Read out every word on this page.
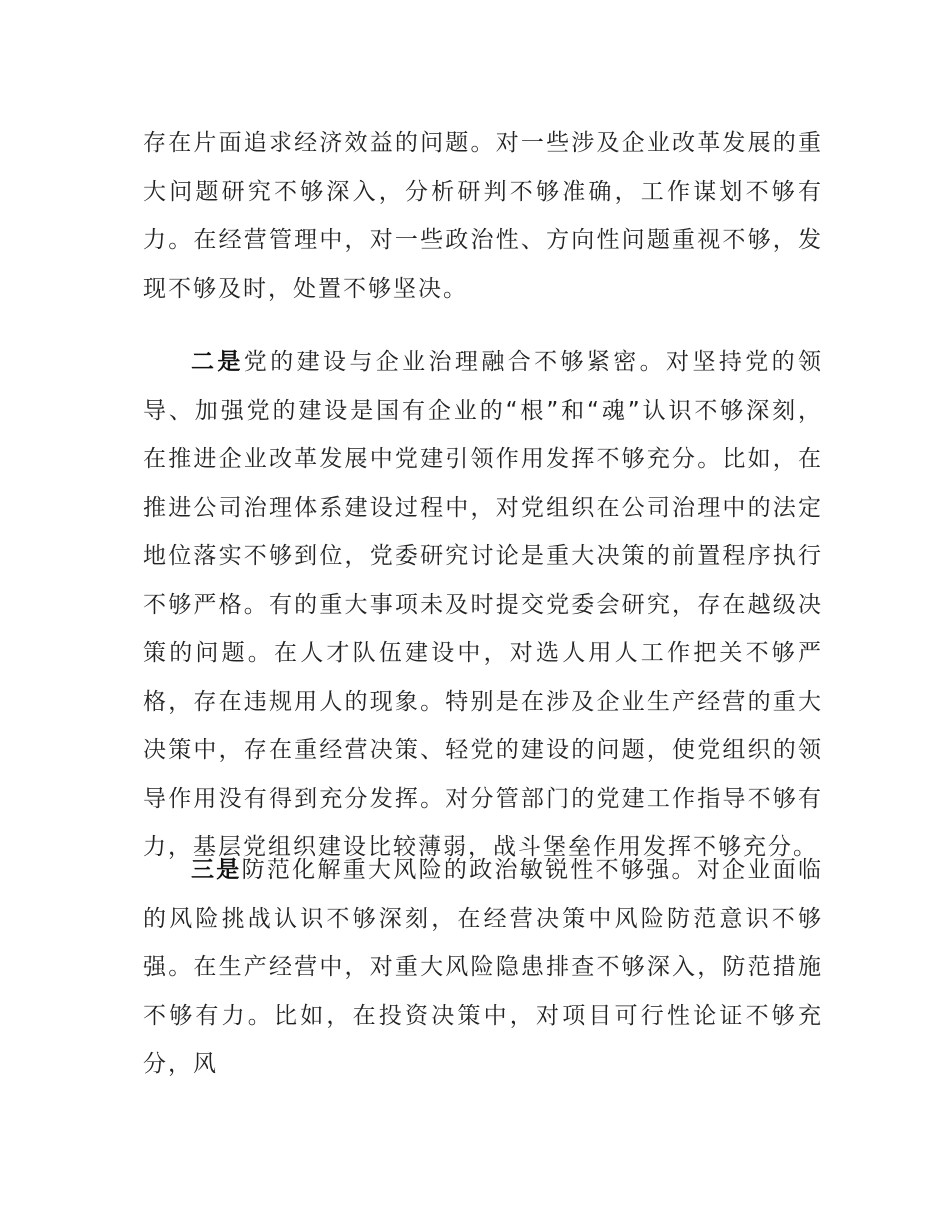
存在片面追求经济效益的问题。对一些涉及企业改革发展的重大问题研究不够深入，分析研判不够准确，工作谋划不够有力。在经营管理中，对一些政治性、方向性问题重视不够，发现不够及时，处置不够坚决。

二是党的建设与企业治理融合不够紧密。对坚持党的领导、加强党的建设是国有企业的“根”和“魂”认识不够深刻，在推进企业改革发展中党建引领作用发挥不够充分。比如，在推进公司治理体系建设过程中，对党组织在公司治理中的法定地位落实不够到位，党委研究讨论是重大决策的前置程序执行不够严格。有的重大事项未及时提交党委会研究，存在越级决策的问题。在人才队伍建设中，对选人用人工作把关不够严格，存在违规用人的现象。特别是在涉及企业生产经营的重大决策中，存在重经营决策、轻党的建设的问题，使党组织的领导作用没有得到充分发挥。对分管部门的党建工作指导不够有力，基层党组织建设比较薄弱，战斗堡垒作用发挥不够充分。

三是防范化解重大风险的政治敏锐性不够强。对企业面临的风险挑战认识不够深刻，在经营决策中风险防范意识不够强。在生产经营中，对重大风险隐患排查不够深入，防范措施不够有力。比如，在投资决策中，对项目可行性论证不够充分，风
